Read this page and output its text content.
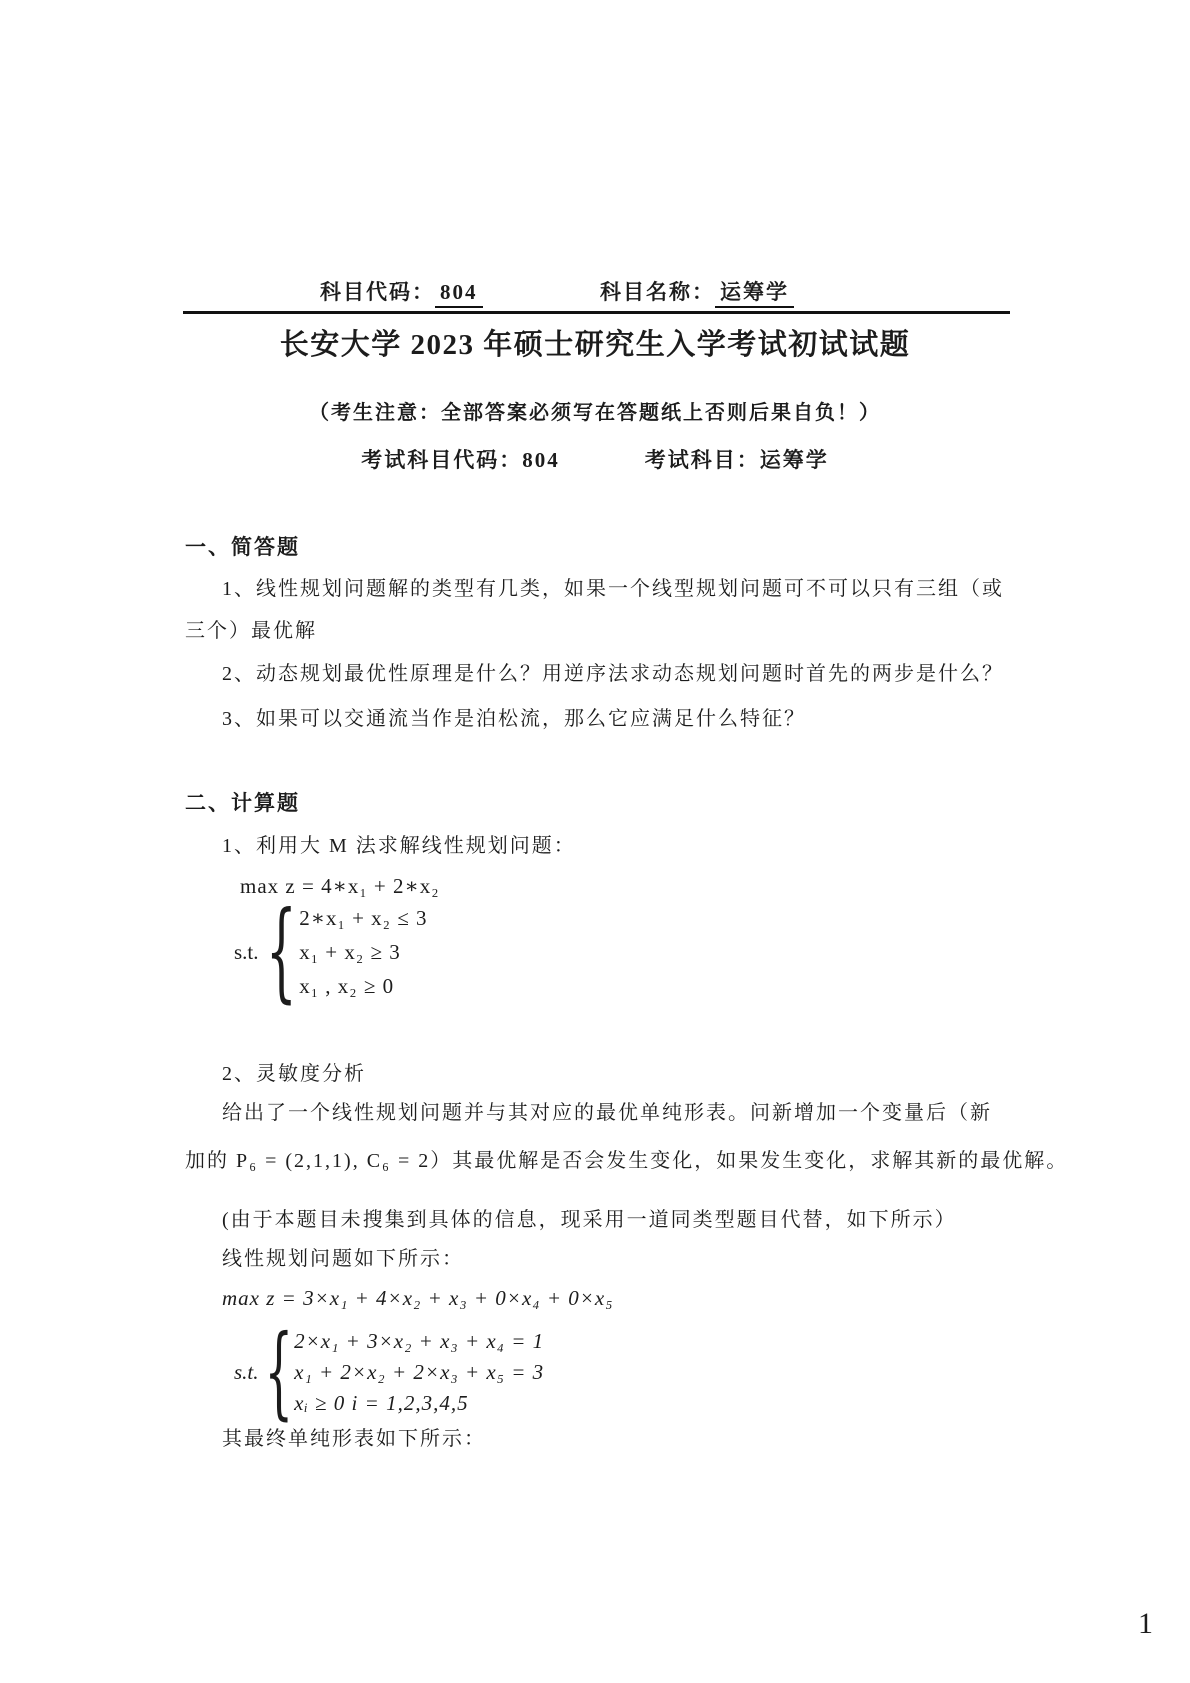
科目代码： 804	科目名称： 运筹学
长安大学 2023 年硕士研究生入学考试初试试题
（考生注意：全部答案必须写在答题纸上否则后果自负！）
考试科目代码：804	考试科目：运筹学
一、简答题
1、线性规划问题解的类型有几类，如果一个线型规划问题可不可以只有三组（或
三个）最优解
2、动态规划最优性原理是什么？用逆序法求动态规划问题时首先的两步是什么？
3、如果可以交通流当作是泊松流，那么它应满足什么特征？
二、计算题
1、利用大 M 法求解线性规划问题：
max z = 4∗x₁ + 2∗x₂
s.t. { 2∗x₁ + x₂ ≤ 3
x₁ + x₂ ≥ 3
x₁ , x₂ ≥ 0
2、灵敏度分析
给出了一个线性规划问题并与其对应的最优单纯形表。问新增加一个变量后（新
加的 P₆ = (2,1,1), C₆ = 2）其最优解是否会发生变化，如果发生变化，求解其新的最优解。
(由于本题目未搜集到具体的信息，现采用一道同类型题目代替，如下所示）
线性规划问题如下所示：
max z = 3×x₁ + 4×x₂ + x₃ + 0×x₄ + 0×x₅
s.t. { 2×x₁ + 3×x₂ + x₃ + x₄ = 1
x₁ + 2×x₂ + 2×x₃ + x₅ = 3
xᵢ ≥ 0 i = 1,2,3,4,5
其最终单纯形表如下所示：
1
